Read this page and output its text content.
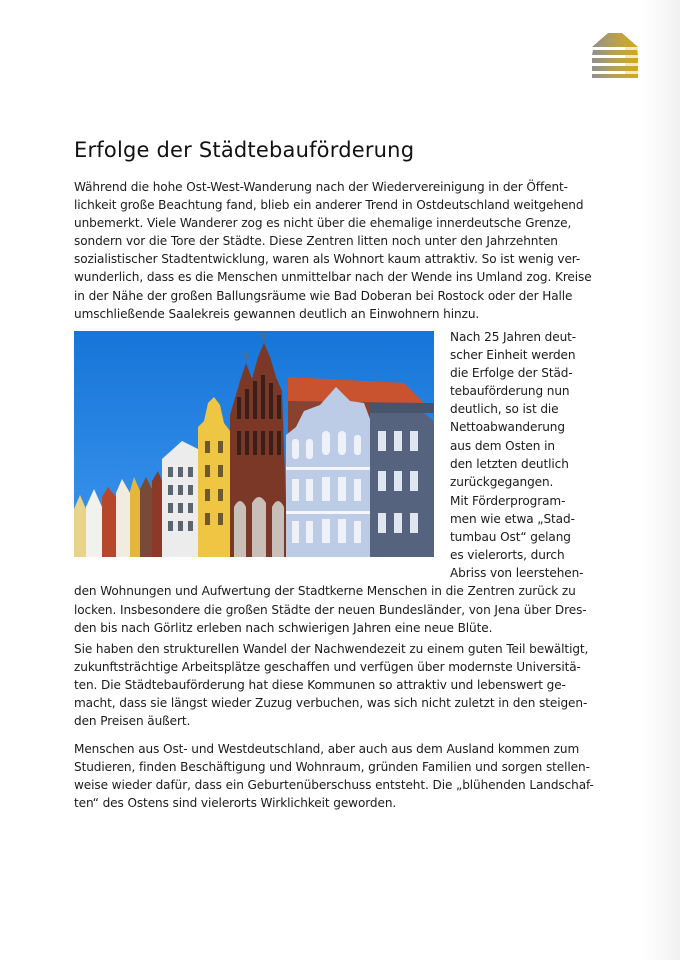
Erfolge der Städtebauförderung

Während die hohe Ost-West-Wanderung nach der Wiedervereinigung in der Öffent-
lichkeit große Beachtung fand, blieb ein anderer Trend in Ostdeutschland weitgehend
unbemerkt. Viele Wanderer zog es nicht über die ehemalige innerdeutsche Grenze,
sondern vor die Tore der Städte. Diese Zentren litten noch unter den Jahrzehnten
sozialistischer Stadtentwicklung, waren als Wohnort kaum attraktiv. So ist wenig ver-
wunderlich, dass es die Menschen unmittelbar nach der Wende ins Umland zog. Kreise
in der Nähe der großen Ballungsräume wie Bad Doberan bei Rostock oder der Halle
umschließende Saalekreis gewannen deutlich an Einwohnern hinzu.

Nach 25 Jahren deut-
scher Einheit werden
die Erfolge der Städ-
tebauförderung nun
deutlich, so ist die
Nettoabwanderung
aus dem Osten in
den letzten deutlich
zurückgegangen.

Mit Förderprogram-
men wie etwa „Stad-
tumbau Ost“ gelang
es vielerorts, durch
Abriss von leerstehen-
den Wohnungen und Aufwertung der Stadtkerne Menschen in die Zentren zurück zu
locken. Insbesondere die großen Städte der neuen Bundesländer, von Jena über Dres-
den bis nach Görlitz erleben nach schwierigen Jahren eine neue Blüte.

Sie haben den strukturellen Wandel der Nachwendezeit zu einem guten Teil bewältigt,
zukunftsträchtige Arbeitsplätze geschaffen und verfügen über modernste Universitä-
ten. Die Städtebauförderung hat diese Kommunen so attraktiv und lebenswert ge-
macht, dass sie längst wieder Zuzug verbuchen, was sich nicht zuletzt in den steigen-
den Preisen äußert.

Menschen aus Ost- und Westdeutschland, aber auch aus dem Ausland kommen zum
Studieren, finden Beschäftigung und Wohnraum, gründen Familien und sorgen stellen-
weise wieder dafür, dass ein Geburtenüberschuss entsteht. Die „blühenden Landschaf-
ten“ des Ostens sind vielerorts Wirklichkeit geworden.
